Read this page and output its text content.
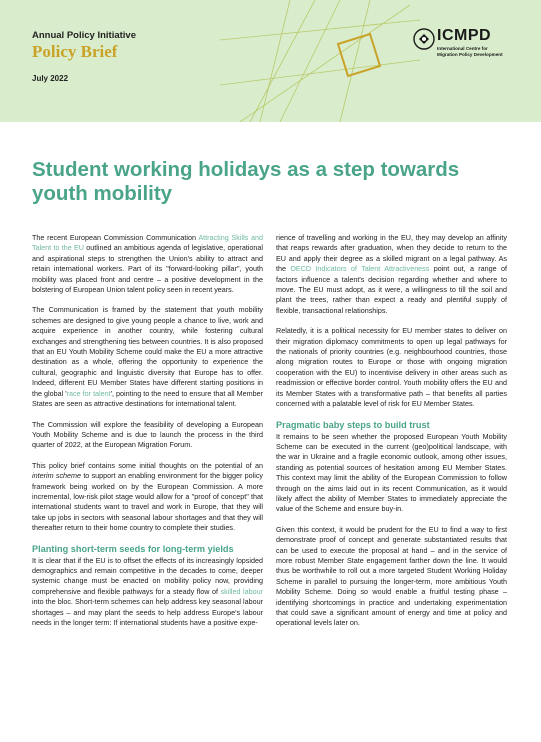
Annual Policy Initiative
Policy Brief
July 2022
ICMPD
International Centre for
Migration Policy Development
Student working holidays as a step towards youth mobility

The recent European Commission Communication Attracting Skills and Talent to the EU outlined an ambitious agenda of legislative, operational and aspirational steps to strengthen the Union's ability to attract and retain international workers. Part of its "forward-looking pillar", youth mobility was placed front and centre – a positive development in the bolstering of European Union talent policy seen in recent years.

The Communication is framed by the statement that youth mobility schemes are designed to give young people a chance to live, work and acquire experience in another country, while fostering cultural exchanges and strengthening ties between countries. It is also proposed that an EU Youth Mobility Scheme could make the EU a more attractive destination as a whole, offering the opportunity to experience the cultural, geographic and linguistic diversity that Europe has to offer. Indeed, different EU Member States have different starting positions in the global 'race for talent', pointing to the need to ensure that all Member States are seen as attractive destinations for international talent.

The Commission will explore the feasibility of developing a European Youth Mobility Scheme and is due to launch the process in the third quarter of 2022, at the European Migration Forum.

This policy brief contains some initial thoughts on the potential of an interim scheme to support an enabling environment for the bigger policy framework being worked on by the European Commission. A more incremental, low-risk pilot stage would allow for a "proof of concept" that international students want to travel and work in Europe, that they will take up jobs in sectors with seasonal labour shortages and that they will thereafter return to their home country to complete their studies.

Planting short-term seeds for long-term yields

It is clear that if the EU is to offset the effects of its increasingly lopsided demographics and remain competitive in the decades to come, deeper systemic change must be enacted on mobility policy now, providing comprehensive and flexible pathways for a steady flow of skilled labour into the bloc. Short-term schemes can help address key seasonal labour shortages – and may plant the seeds to help address Europe's labour needs in the longer term: If international students have a positive expe-

rience of travelling and working in the EU, they may develop an affinity that reaps rewards after graduation, when they decide to return to the EU and apply their degree as a skilled migrant on a legal pathway. As the OECD Indicators of Talent Attractiveness point out, a range of factors influence a talent's decision regarding whether and where to move. The EU must adopt, as it were, a willingness to till the soil and plant the trees, rather than expect a ready and plentiful supply of flexible, transactional relationships.

Relatedly, it is a political necessity for EU member states to deliver on their migration diplomacy commitments to open up legal pathways for the nationals of priority countries (e.g. neighbourhood countries, those along migration routes to Europe or those with ongoing migration cooperation with the EU) to incentivise delivery in other areas such as readmission or effective border control. Youth mobility offers the EU and its Member States with a transformative path – that benefits all parties concerned with a palatable level of risk for EU Member States.

Pragmatic baby steps to build trust

It remains to be seen whether the proposed European Youth Mobility Scheme can be executed in the current (geo)political landscape, with the war in Ukraine and a fragile economic outlook, among other issues, standing as potential sources of hesitation among EU Member States. This context may limit the ability of the European Commission to follow through on the aims laid out in its recent Communication, as it would likely affect the ability of Member States to immediately appreciate the value of the Scheme and ensure buy-in.

Given this context, it would be prudent for the EU to find a way to first demonstrate proof of concept and generate substantiated results that can be used to execute the proposal at hand – and in the service of more robust Member State engagement farther down the line. It would thus be worthwhile to roll out a more targeted Student Working Holiday Scheme in parallel to pursuing the longer-term, more ambitious Youth Mobility Scheme. Doing so would enable a fruitful testing phase – identifying shortcomings in practice and undertaking experimentation that could save a significant amount of energy and time at policy and operational levels later on.
